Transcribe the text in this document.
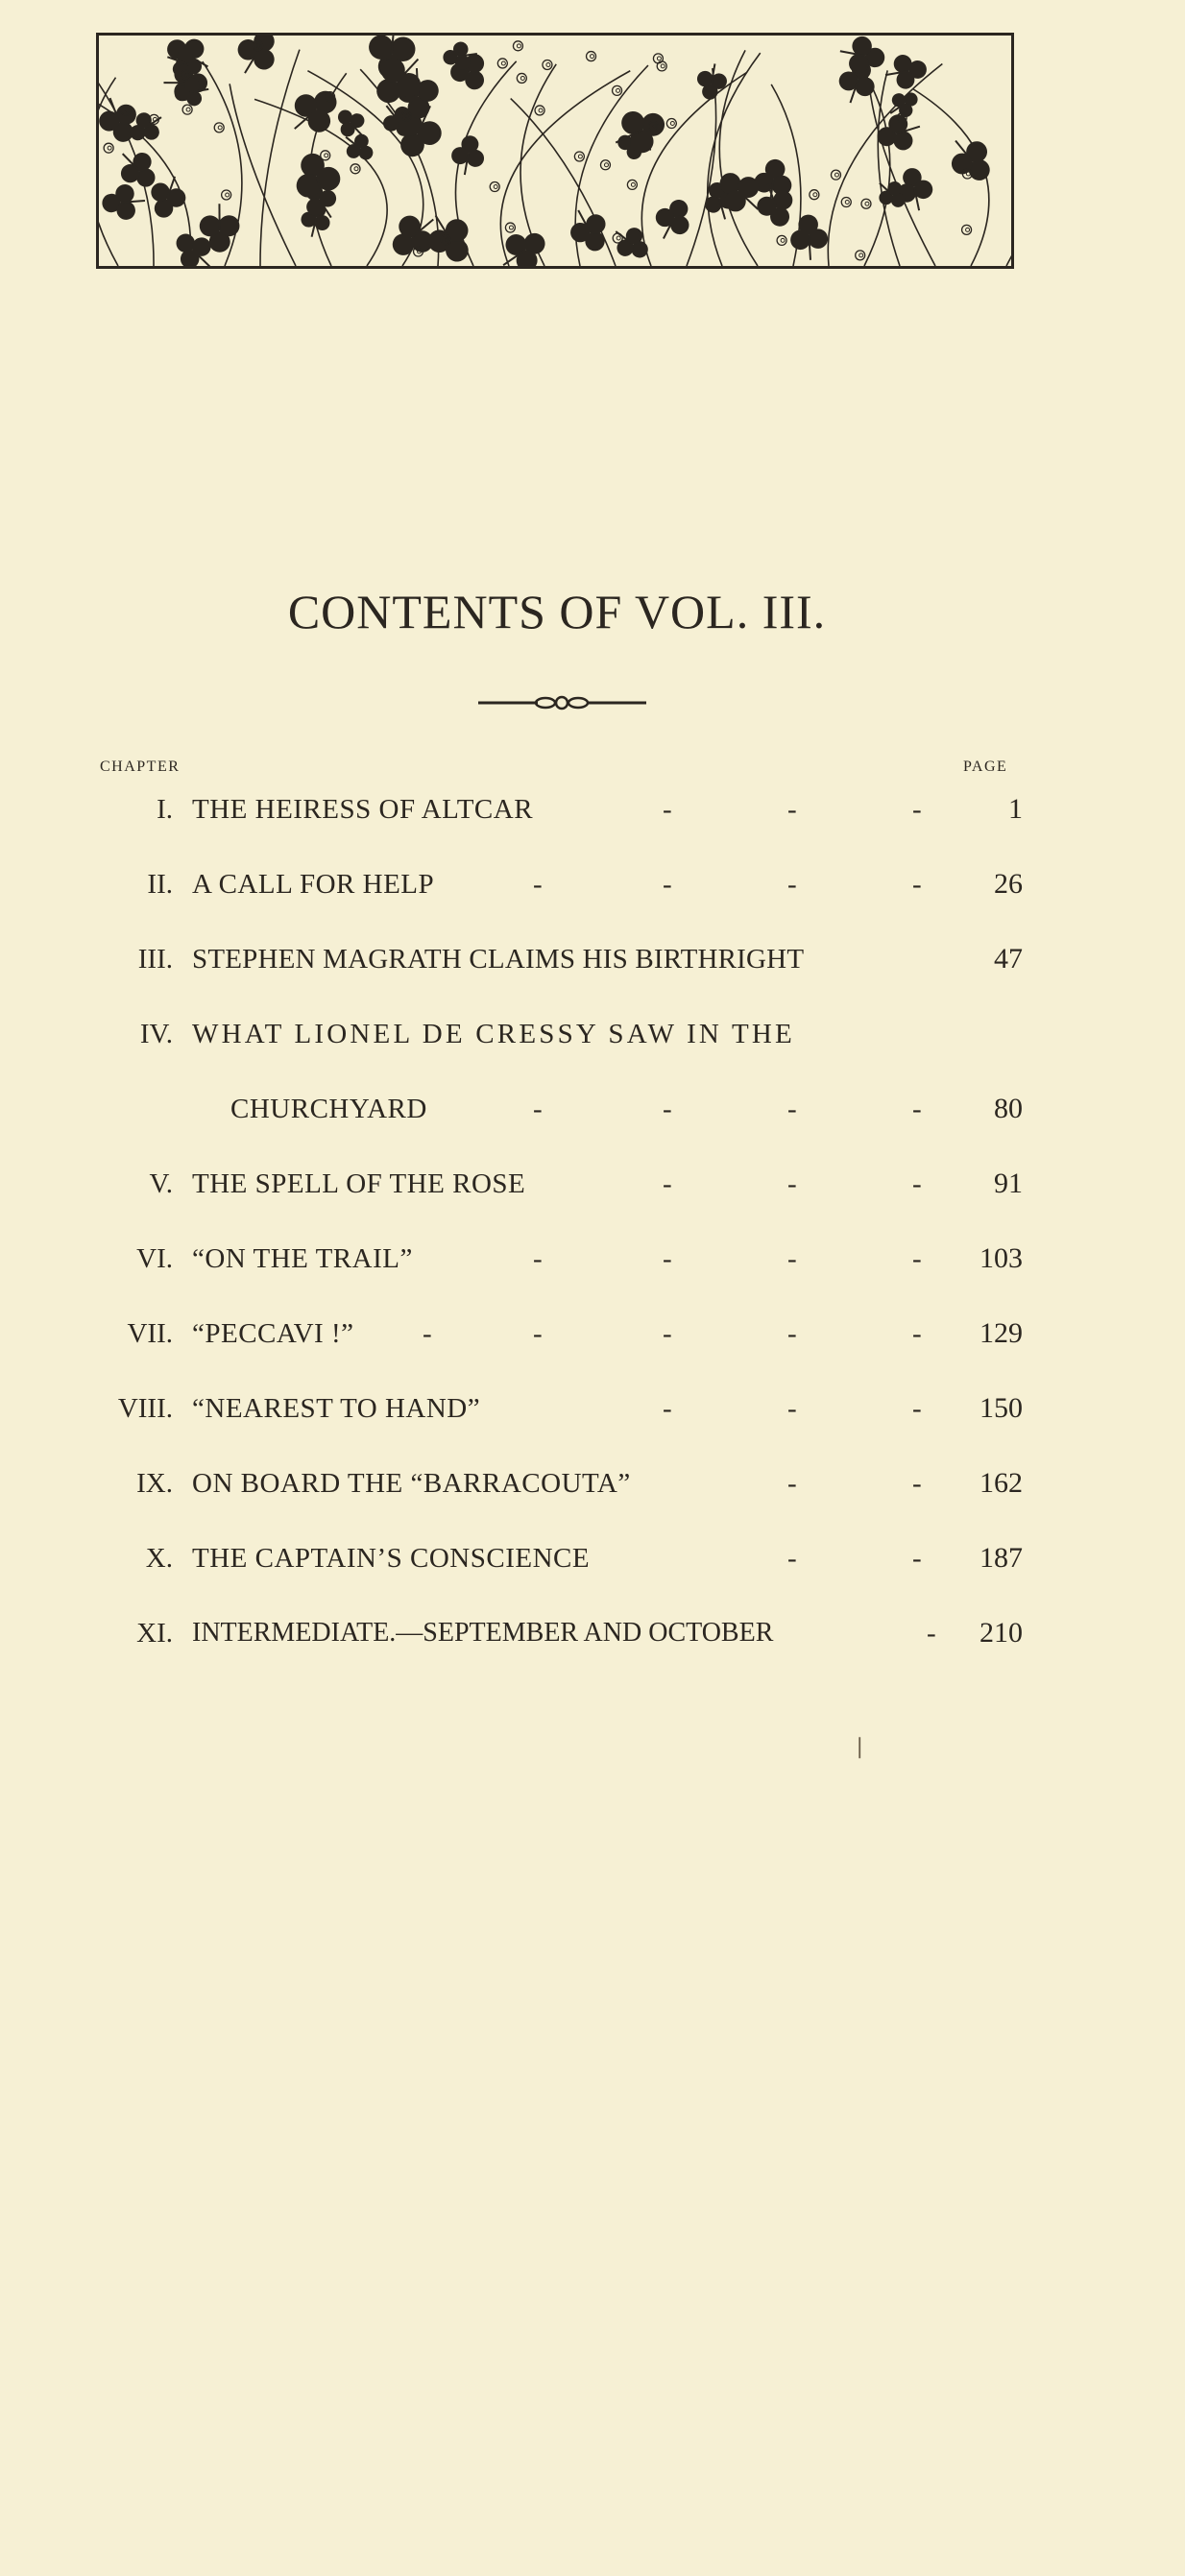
CONTENTS OF VOL. III.
CHAPTER	PAGE
I. THE HEIRESS OF ALTCAR	-	-	-	1
II. A CALL FOR HELP	-	-	-	-	26
III. STEPHEN MAGRATH CLAIMS HIS BIRTHRIGHT	47
IV. WHAT LIONEL DE CRESSY SAW IN THE
CHURCHYARD	-	-	-	-	80
V. THE SPELL OF THE ROSE	-	-	-	91
VI. “ON THE TRAIL”	-	-	-	-	103
VII. “PECCAVI !”	-	-	-	-	-	129
VIII. “NEAREST TO HAND”	-	-	-	150
IX. ON BOARD THE “BARRACOUTA”	-	-	162
X. THE CAPTAIN’S CONSCIENCE	-	-	187
XI. INTERMEDIATE.—SEPTEMBER AND OCTOBER	-	210
❘
